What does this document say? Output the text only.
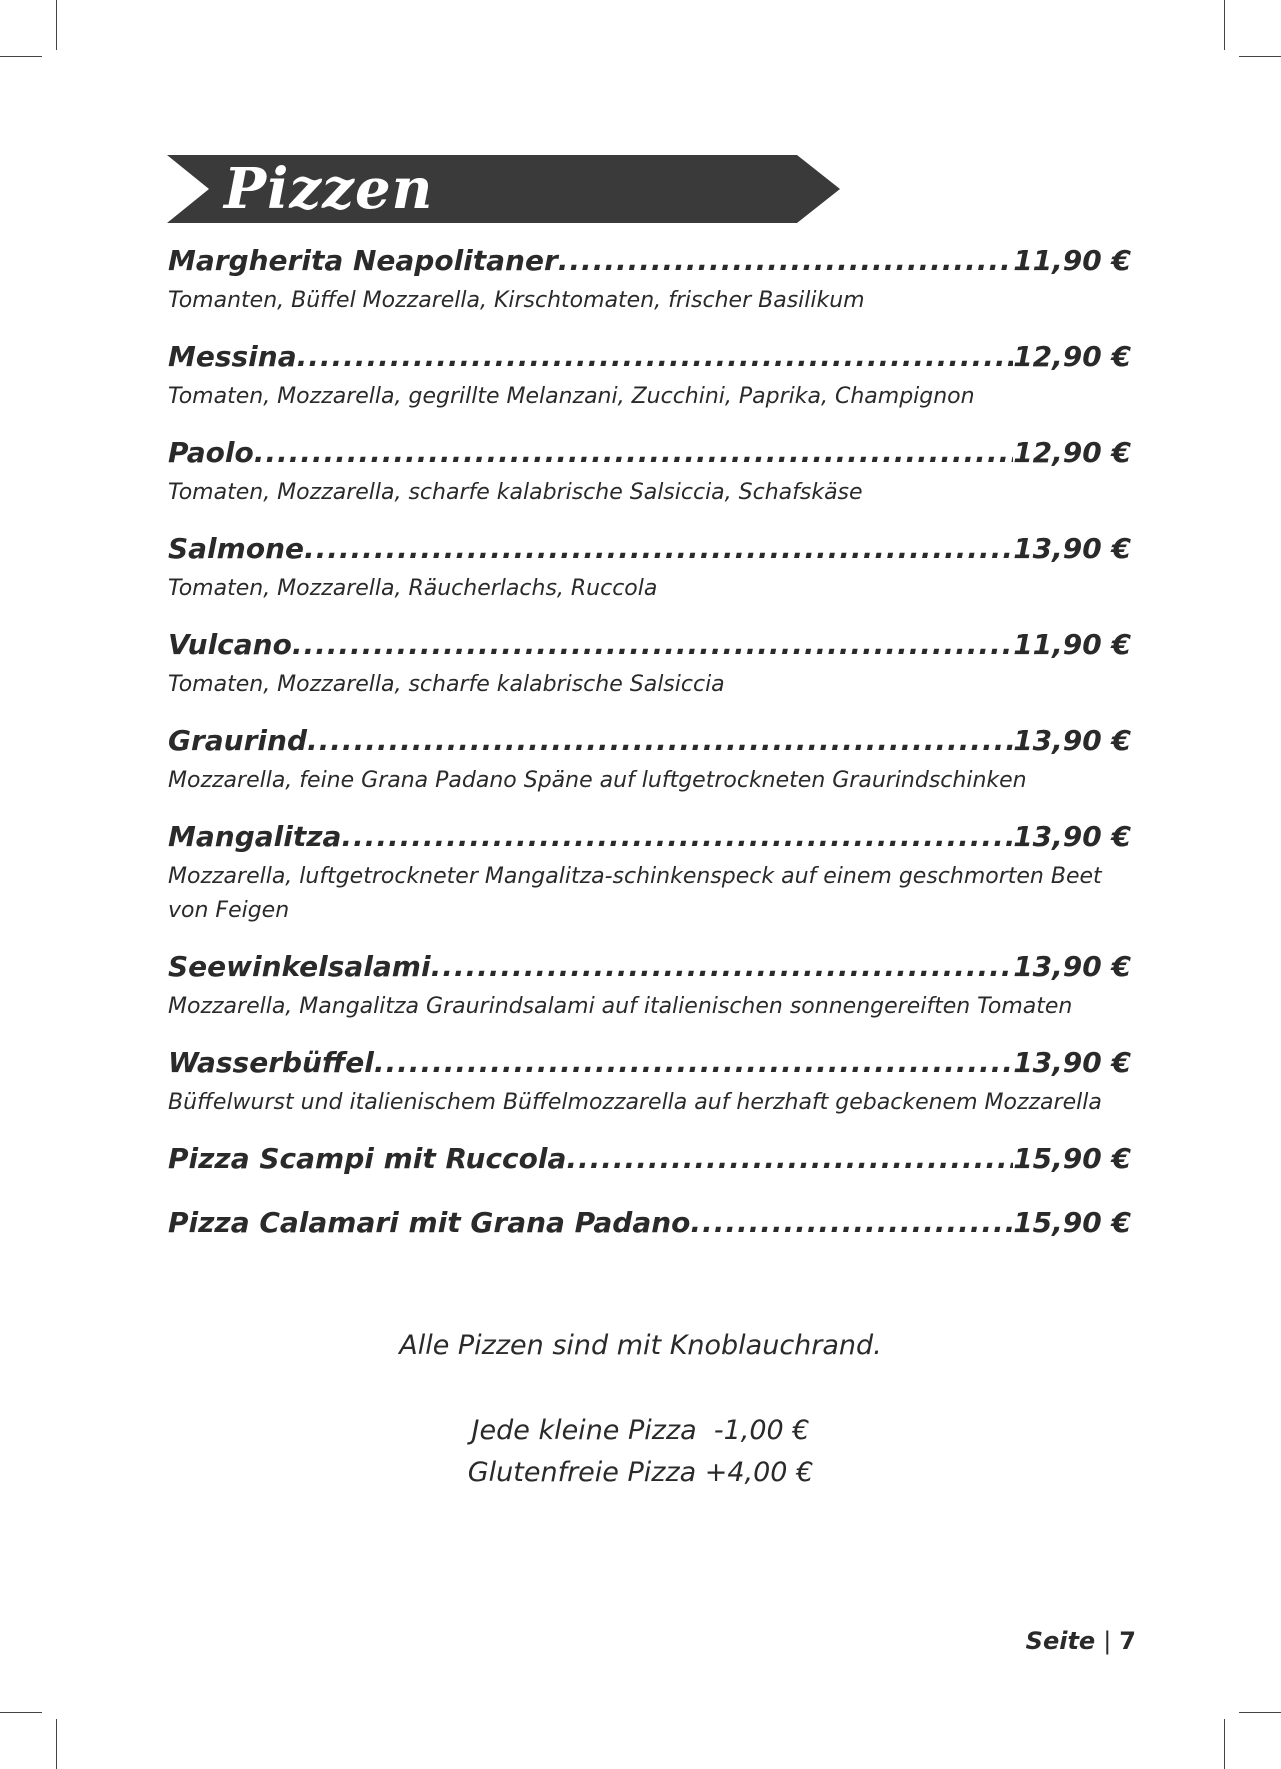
Pizzen
Margherita Neapolitaner .....	11,90 €
Tomanten, Büffel Mozzarella, Kirschtomaten, frischer Basilikum
Messina .....	12,90 €
Tomaten, Mozzarella, gegrillte Melanzani, Zucchini, Paprika, Champignon
Paolo .....	12,90 €
Tomaten, Mozzarella, scharfe kalabrische Salsiccia, Schafskäse
Salmone .....	13,90 €
Tomaten, Mozzarella, Räucherlachs, Ruccola
Vulcano .....	11,90 €
Tomaten, Mozzarella, scharfe kalabrische Salsiccia
Graurind .....	13,90 €
Mozzarella, feine Grana Padano Späne auf luftgetrockneten Graurindschinken
Mangalitza .....	13,90 €
Mozzarella, luftgetrockneter Mangalitza-schinkenspeck auf einem geschmorten Beet von Feigen
Seewinkelsalami .....	13,90 €
Mozzarella, Mangalitza Graurindsalami auf italienischen sonnengereiften Tomaten
Wasserbüffel .....	13,90 €
Büffelwurst und italienischem Büffelmozzarella auf herzhaft gebackenem Mozzarella
Pizza Scampi mit Ruccola .....	15,90 €
Pizza Calamari mit Grana Padano .....	15,90 €
Alle Pizzen sind mit Knoblauchrand.
Jede kleine Pizza  -1,00 €
Glutenfreie Pizza +4,00 €
Seite | 7
